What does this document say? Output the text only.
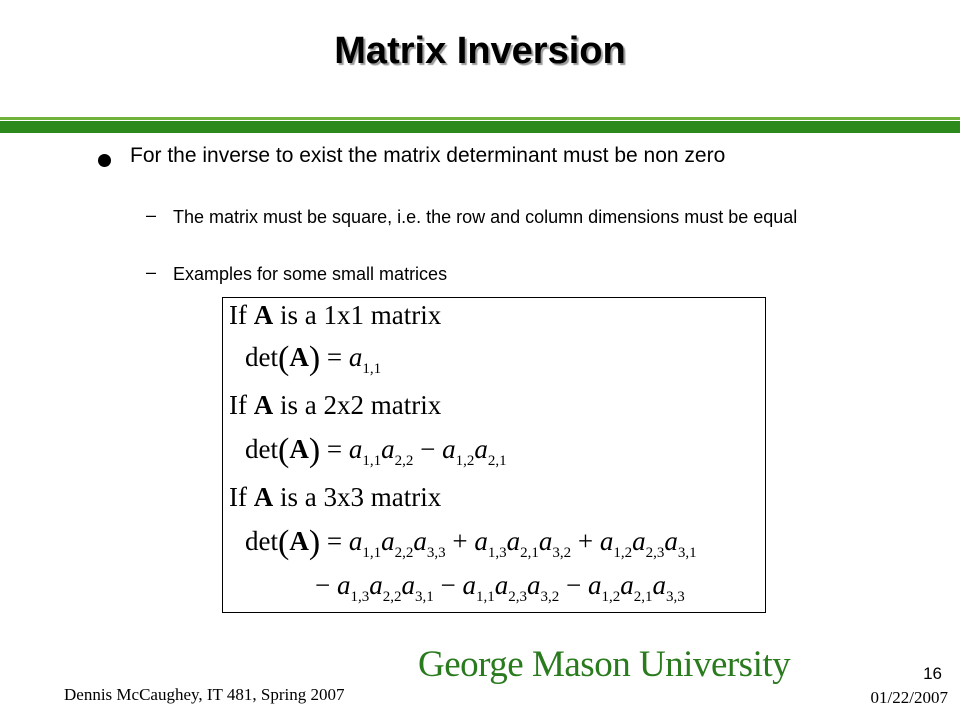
Matrix Inversion
For the inverse to exist the matrix determinant must be non zero
– The matrix must be square, i.e. the row and column dimensions must be equal
– Examples for some small matrices
If A is a 1x1 matrix
$\det(A) = a_{1,1}$
If A is a 2x2 matrix
$\det(A) = a_{1,1}a_{2,2} - a_{1,2}a_{2,1}$
If A is a 3x3 matrix
$\det(A) = a_{1,1}a_{2,2}a_{3,3} + a_{1,3}a_{2,1}a_{3,2} + a_{1,2}a_{2,3}a_{3,1}$
− $a_{1,3}a_{2,2}a_{3,1} - a_{1,1}a_{2,3}a_{3,2} - a_{1,2}a_{2,1}a_{3,3}$
George Mason University
Dennis McCaughey, IT 481, Spring 2007
16
01/22/2007
